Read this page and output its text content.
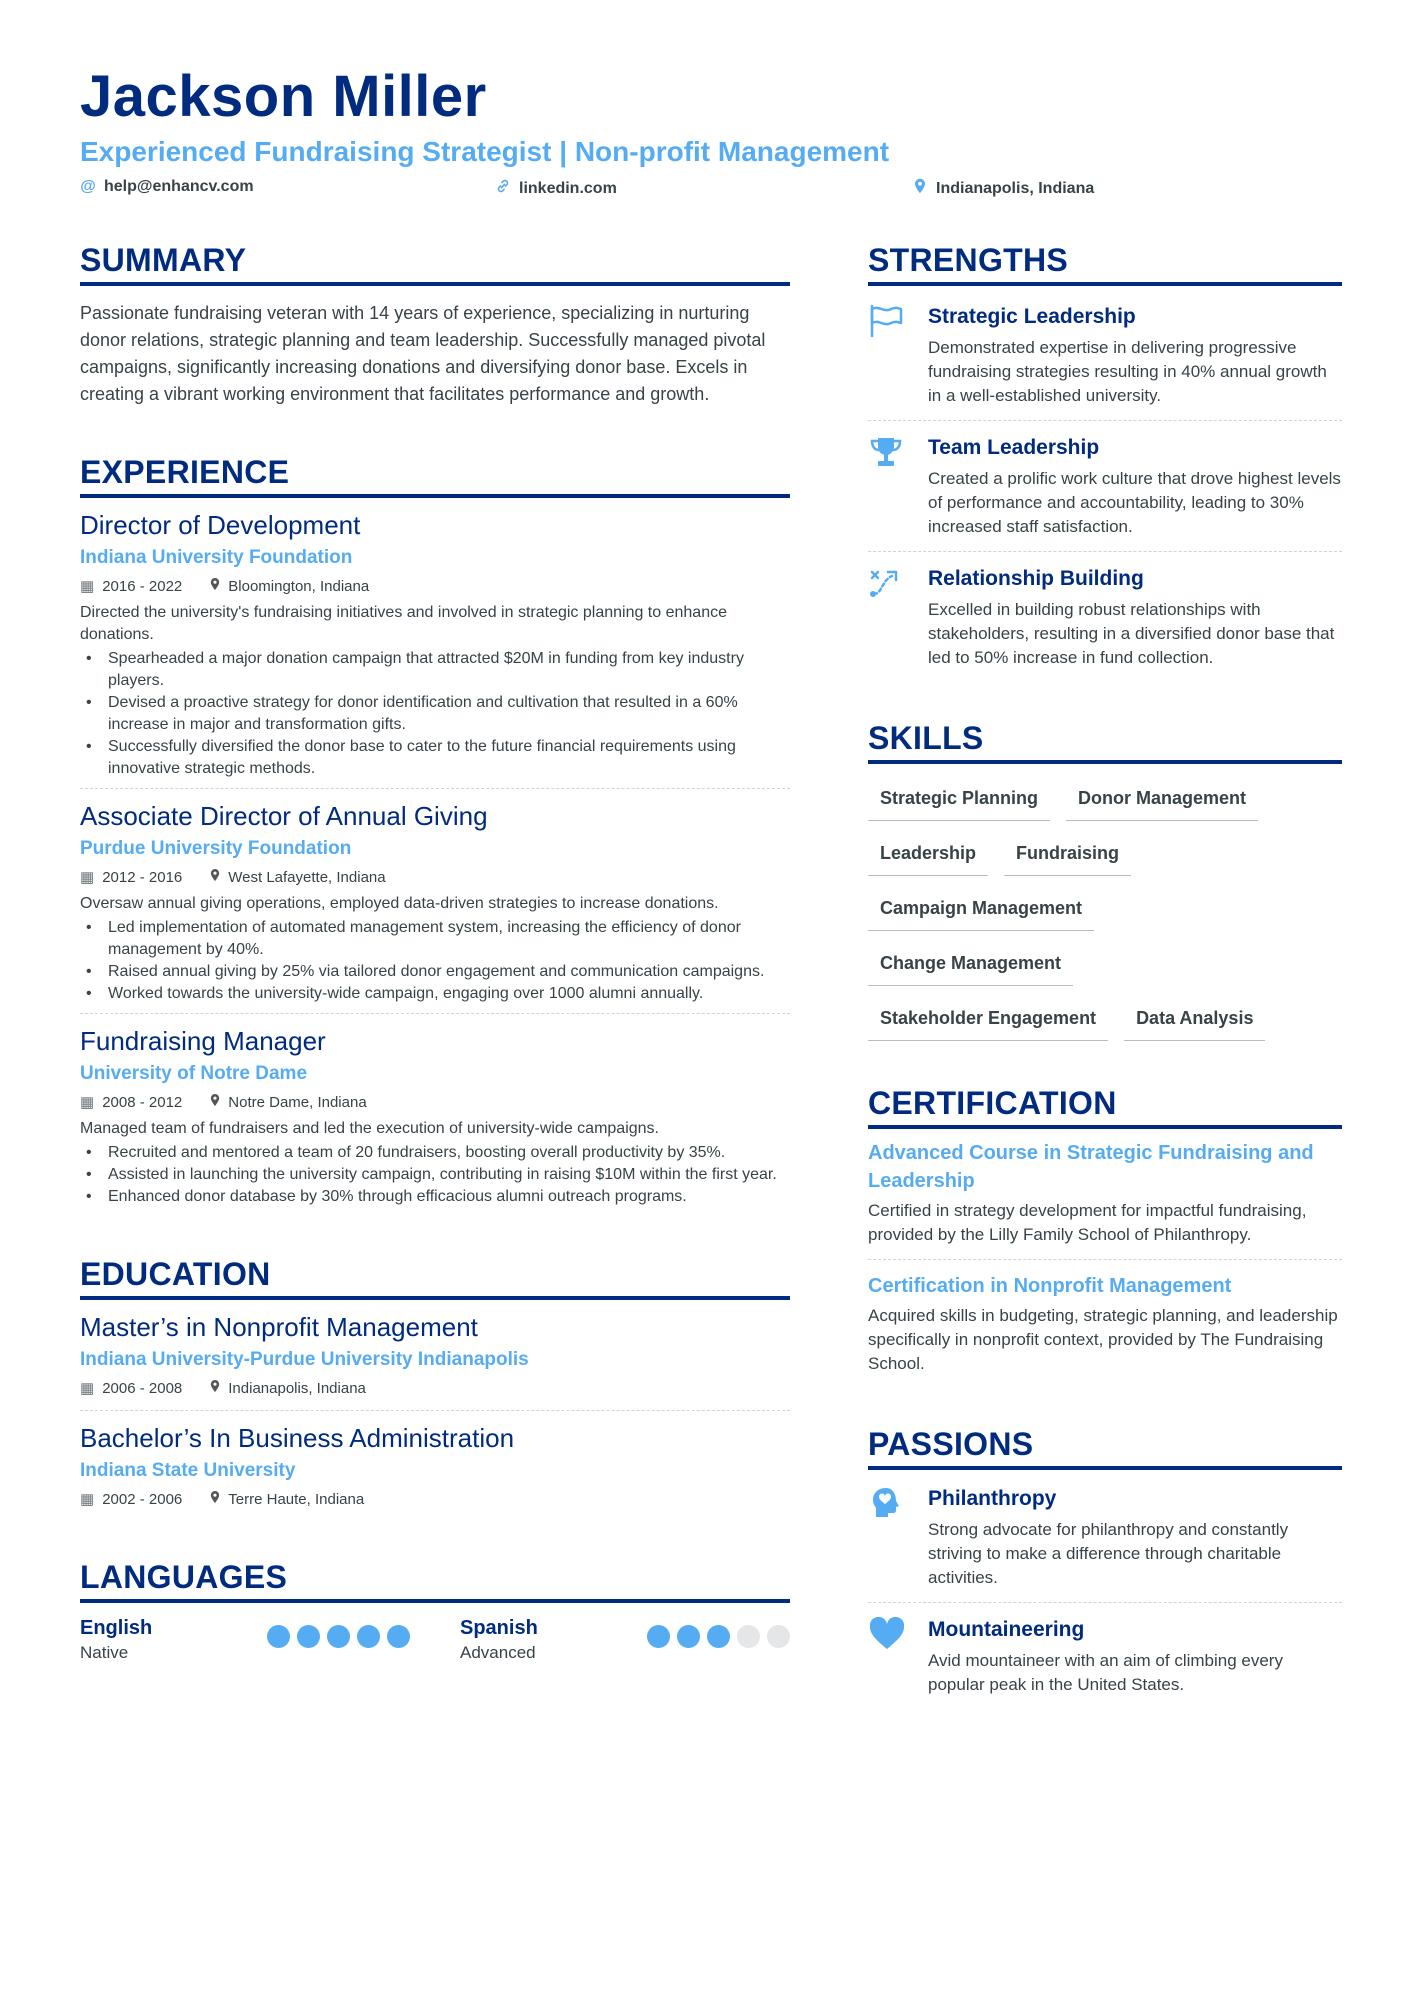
Jackson Miller
Experienced Fundraising Strategist | Non-profit Management
@ help@enhancv.com	linkedin.com	Indianapolis, Indiana
SUMMARY
Passionate fundraising veteran with 14 years of experience, specializing in nurturing donor relations, strategic planning and team leadership. Successfully managed pivotal campaigns, significantly increasing donations and diversifying donor base. Excels in creating a vibrant working environment that facilitates performance and growth.
EXPERIENCE
Director of Development
Indiana University Foundation
▦ 2016 - 2022	Bloomington, Indiana
Directed the university's fundraising initiatives and involved in strategic planning to enhance donations.
• Spearheaded a major donation campaign that attracted $20M in funding from key industry players.
• Devised a proactive strategy for donor identification and cultivation that resulted in a 60% increase in major and transformation gifts.
• Successfully diversified the donor base to cater to the future financial requirements using innovative strategic methods.
Associate Director of Annual Giving
Purdue University Foundation
▦ 2012 - 2016	West Lafayette, Indiana
Oversaw annual giving operations, employed data-driven strategies to increase donations.
• Led implementation of automated management system, increasing the efficiency of donor management by 40%.
• Raised annual giving by 25% via tailored donor engagement and communication campaigns.
• Worked towards the university-wide campaign, engaging over 1000 alumni annually.
Fundraising Manager
University of Notre Dame
▦ 2008 - 2012	Notre Dame, Indiana
Managed team of fundraisers and led the execution of university-wide campaigns.
• Recruited and mentored a team of 20 fundraisers, boosting overall productivity by 35%.
• Assisted in launching the university campaign, contributing in raising $10M within the first year.
• Enhanced donor database by 30% through efficacious alumni outreach programs.
EDUCATION
Master’s in Nonprofit Management
Indiana University-Purdue University Indianapolis
▦ 2006 - 2008	Indianapolis, Indiana
Bachelor’s In Business Administration
Indiana State University
▦ 2002 - 2006	Terre Haute, Indiana
LANGUAGES
English
Native
Spanish
Advanced
STRENGTHS
Strategic Leadership
Demonstrated expertise in delivering progressive fundraising strategies resulting in 40% annual growth in a well-established university.
Team Leadership
Created a prolific work culture that drove highest levels of performance and accountability, leading to 30% increased staff satisfaction.
Relationship Building
Excelled in building robust relationships with stakeholders, resulting in a diversified donor base that led to 50% increase in fund collection.
SKILLS
Strategic Planning	Donor Management
Leadership	Fundraising
Campaign Management
Change Management
Stakeholder Engagement	Data Analysis
CERTIFICATION
Advanced Course in Strategic Fundraising and Leadership
Certified in strategy development for impactful fundraising, provided by the Lilly Family School of Philanthropy.
Certification in Nonprofit Management
Acquired skills in budgeting, strategic planning, and leadership specifically in nonprofit context, provided by The Fundraising School.
PASSIONS
Philanthropy
Strong advocate for philanthropy and constantly striving to make a difference through charitable activities.
Mountaineering
Avid mountaineer with an aim of climbing every popular peak in the United States.
